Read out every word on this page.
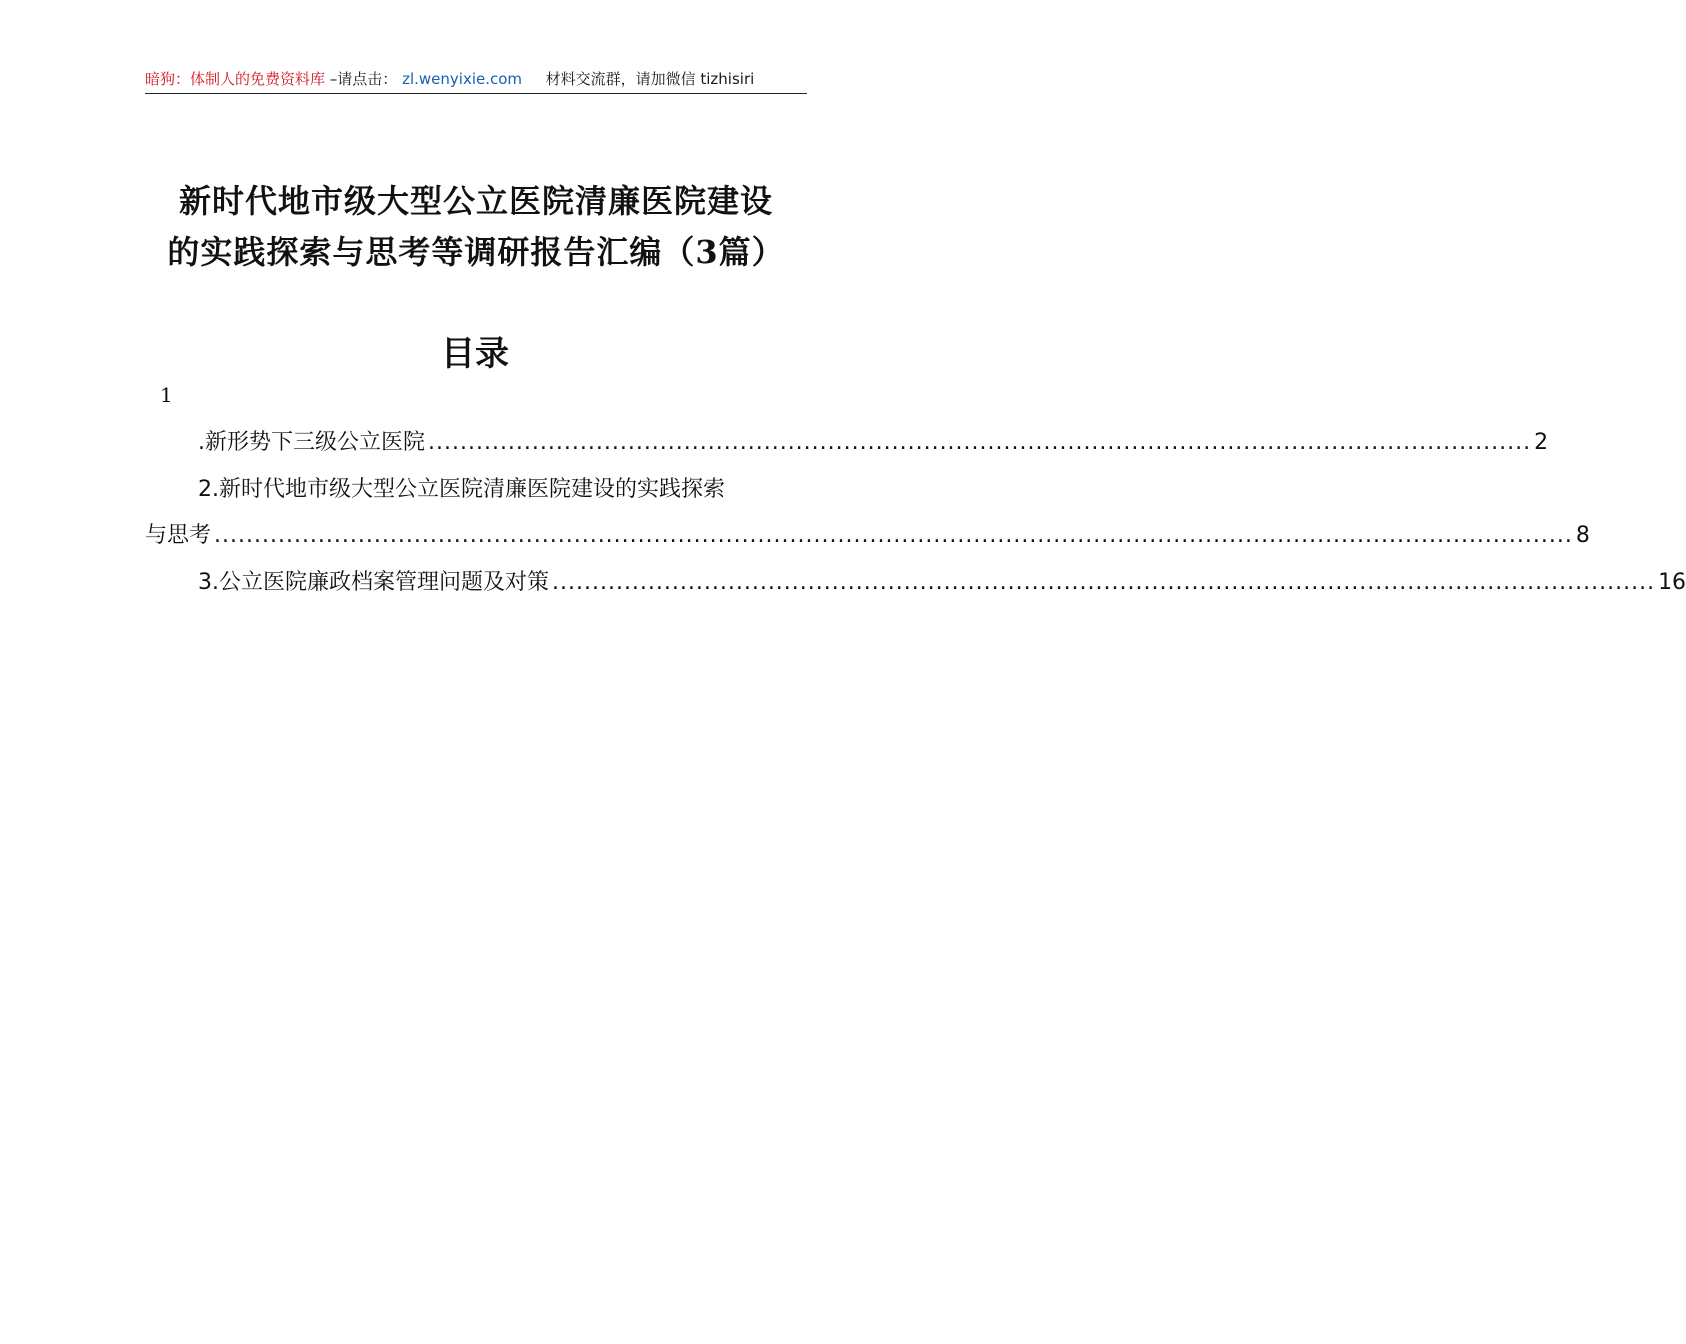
暗狗：体制人的免费资料库 –请点击： zl.wenyixie.com 材料交流群，请加微信 tizhisiri
新时代地市级大型公立医院清廉医院建设
的实践探索与思考等调研报告汇编（3篇）
目录
1
.新形势下三级公立医院 .......................................................................................................................................... 2
2.新时代地市级大型公立医院清廉医院建设的实践探索
与思考 .......................................................................................................................................................................... 8
3.公立医院廉政档案管理问题及对策 .......................................................................................................................................... 16
